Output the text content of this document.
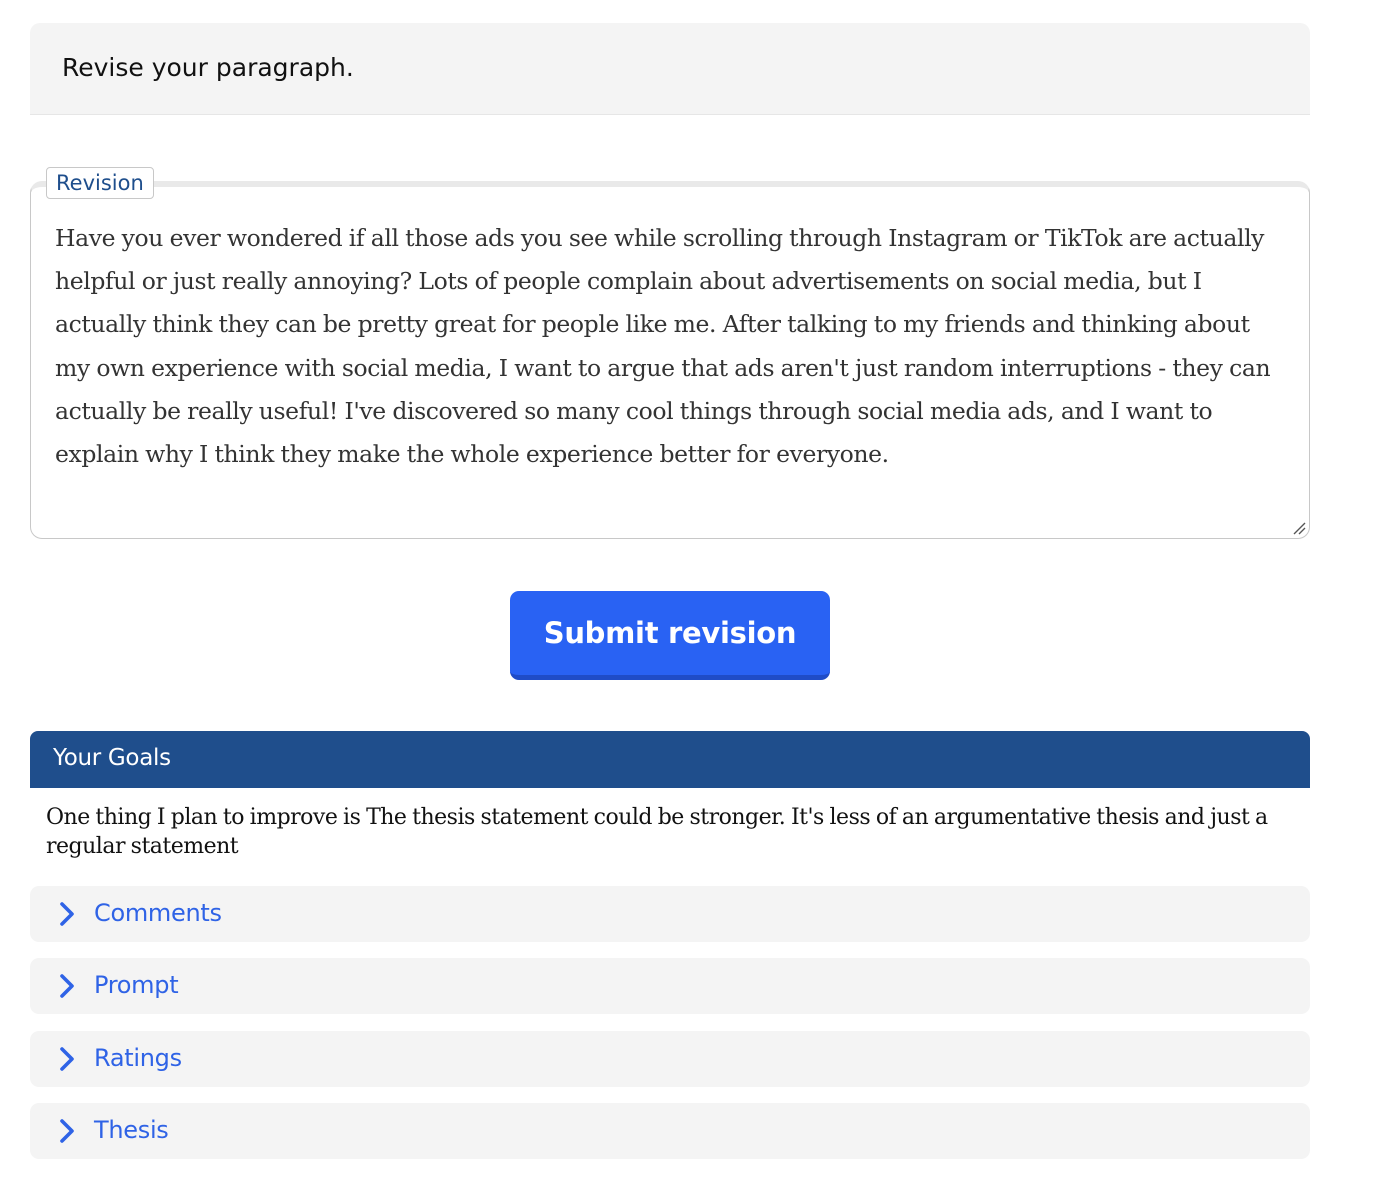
Revise your paragraph.
Have you ever wondered if all those ads you see while scrolling through Instagram or TikTok are actually helpful or just really annoying? Lots of people complain about advertisements on social media, but I actually think they can be pretty great for people like me. After talking to my friends and thinking about my own experience with social media, I want to argue that ads aren't just random interruptions - they can actually be really useful! I've discovered so many cool things through social media ads, and I want to explain why I think they make the whole experience better for everyone.
Revision
Submit revision
Your Goals
One thing I plan to improve is The thesis statement could be stronger. It's less of an argumentative thesis and just a regular statement
Comments
Prompt
Ratings
Thesis
